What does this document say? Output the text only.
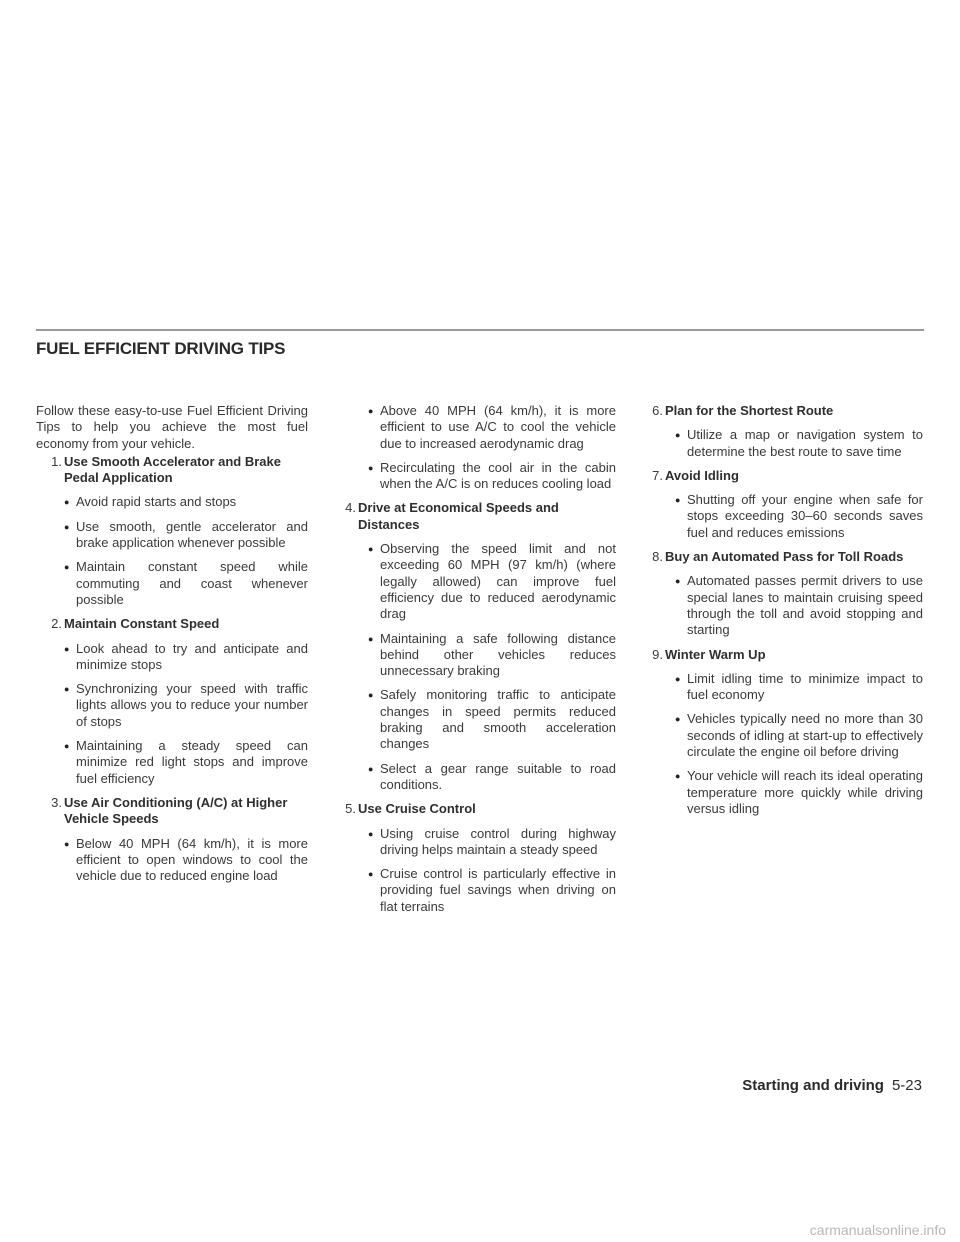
FUEL EFFICIENT DRIVING TIPS

Follow these easy-to-use Fuel Efficient Driving Tips to help you achieve the most fuel economy from your vehicle.

1. Use Smooth Accelerator and Brake Pedal Application
● Avoid rapid starts and stops
● Use smooth, gentle accelerator and brake application whenever possible
● Maintain constant speed while commuting and coast whenever possible
2. Maintain Constant Speed
● Look ahead to try and anticipate and minimize stops
● Synchronizing your speed with traffic lights allows you to reduce your number of stops
● Maintaining a steady speed can minimize red light stops and improve fuel efficiency
3. Use Air Conditioning (A/C) at Higher Vehicle Speeds
● Below 40 MPH (64 km/h), it is more efficient to open windows to cool the vehicle due to reduced engine load
● Above 40 MPH (64 km/h), it is more efficient to use A/C to cool the vehicle due to increased aerodynamic drag
● Recirculating the cool air in the cabin when the A/C is on reduces cooling load
4. Drive at Economical Speeds and Distances
● Observing the speed limit and not exceeding 60 MPH (97 km/h) (where legally allowed) can improve fuel efficiency due to reduced aerodynamic drag
● Maintaining a safe following distance behind other vehicles reduces unnecessary braking
● Safely monitoring traffic to anticipate changes in speed permits reduced braking and smooth acceleration changes
● Select a gear range suitable to road conditions.
5. Use Cruise Control
● Using cruise control during highway driving helps maintain a steady speed
● Cruise control is particularly effective in providing fuel savings when driving on flat terrains
6. Plan for the Shortest Route
● Utilize a map or navigation system to determine the best route to save time
7. Avoid Idling
● Shutting off your engine when safe for stops exceeding 30–60 seconds saves fuel and reduces emissions
8. Buy an Automated Pass for Toll Roads
● Automated passes permit drivers to use special lanes to maintain cruising speed through the toll and avoid stopping and starting
9. Winter Warm Up
● Limit idling time to minimize impact to fuel economy
● Vehicles typically need no more than 30 seconds of idling at start-up to effectively circulate the engine oil before driving
● Your vehicle will reach its ideal operating temperature more quickly while driving versus idling
Starting and driving 5-23
carmanualsonline.info
